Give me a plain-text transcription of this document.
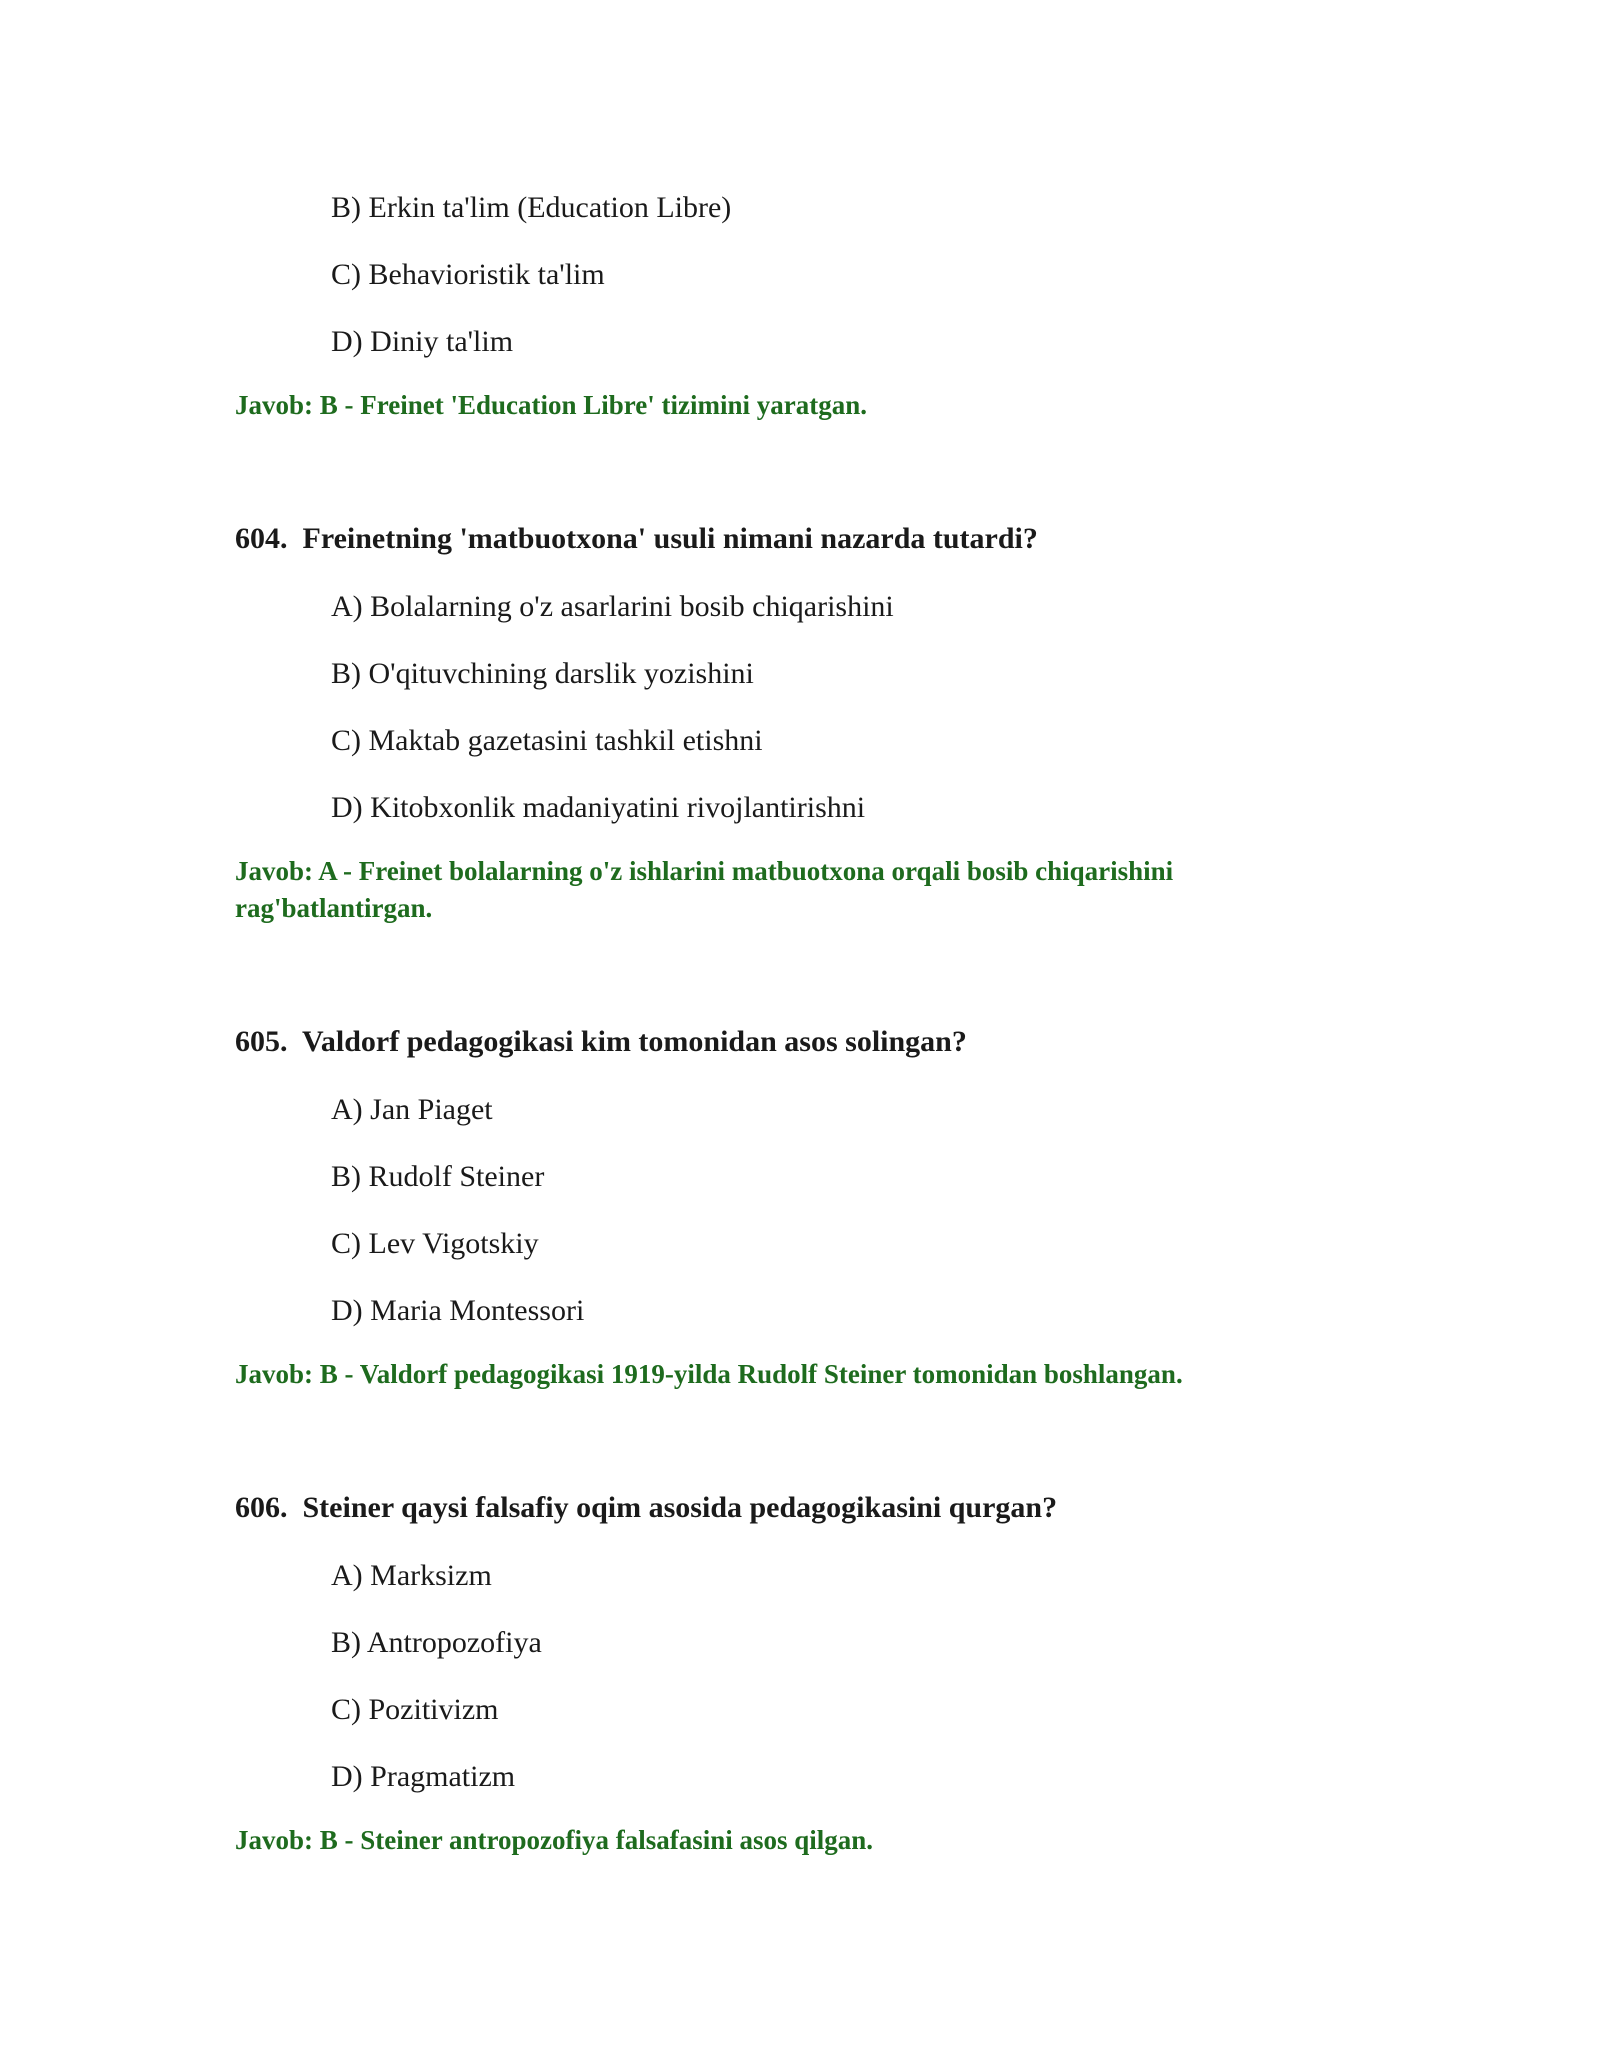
B) Erkin ta'lim (Education Libre)
C) Behavioristik ta'lim
D) Diniy ta'lim
Javob: B - Freinet 'Education Libre' tizimini yaratgan.
604. Freinetning 'matbuotxona' usuli nimani nazarda tutardi?
A) Bolalarning o'z asarlarini bosib chiqarishini
B) O'qituvchining darslik yozishini
C) Maktab gazetasini tashkil etishni
D) Kitobxonlik madaniyatini rivojlantirishni
Javob: A - Freinet bolalarning o'z ishlarini matbuotxona orqali bosib chiqarishini
rag'batlantirgan.
605. Valdorf pedagogikasi kim tomonidan asos solingan?
A) Jan Piaget
B) Rudolf Steiner
C) Lev Vigotskiy
D) Maria Montessori
Javob: B - Valdorf pedagogikasi 1919-yilda Rudolf Steiner tomonidan boshlangan.
606. Steiner qaysi falsafiy oqim asosida pedagogikasini qurgan?
A) Marksizm
B) Antropozofiya
C) Pozitivizm
D) Pragmatizm
Javob: B - Steiner antropozofiya falsafasini asos qilgan.
